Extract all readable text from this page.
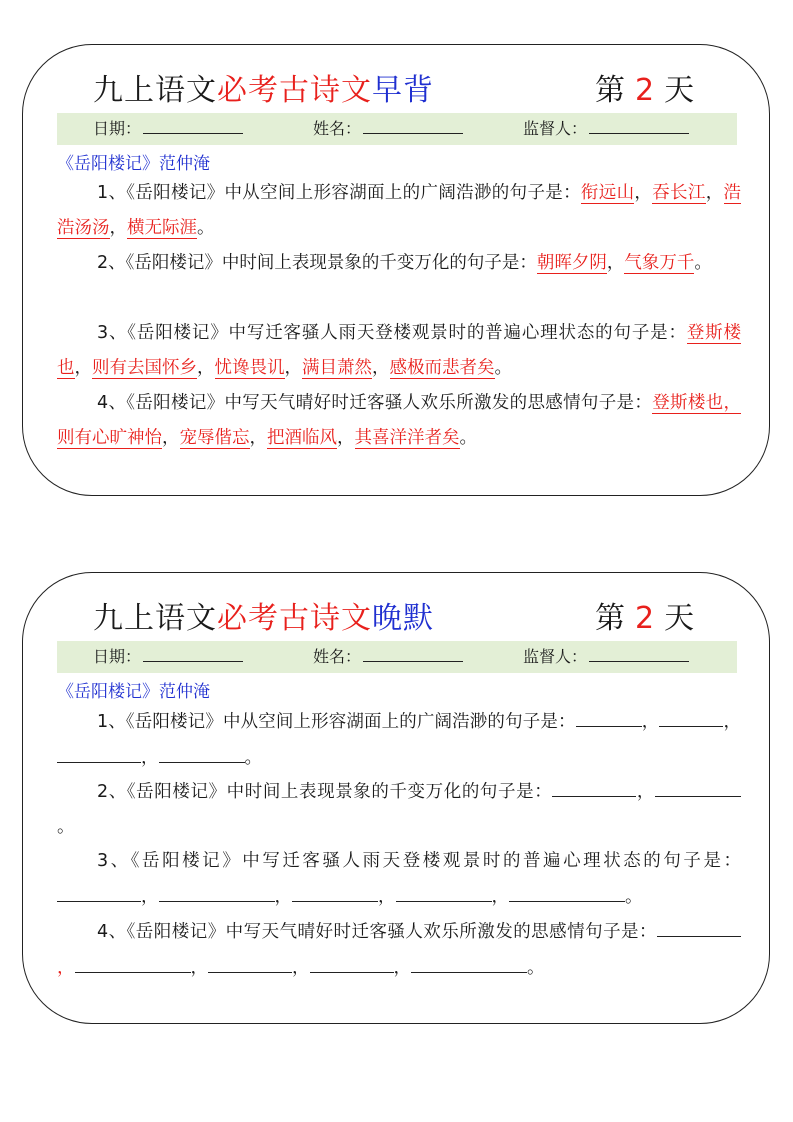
九上语文必考古诗文早背	第 2 天
日期：	姓名：	监督人：
《岳阳楼记》范仲淹
1、《岳阳楼记》中从空间上形容湖面上的广阔浩渺的句子是：衔远山，吞长江，浩浩汤汤，横无际涯。
2、《岳阳楼记》中时间上表现景象的千变万化的句子是：朝晖夕阴，气象万千。
3、《岳阳楼记》中写迁客骚人雨天登楼观景时的普遍心理状态的句子是：登斯楼也，则有去国怀乡，忧谗畏讥，满目萧然，感极而悲者矣。
4、《岳阳楼记》中写天气晴好时迁客骚人欢乐所激发的思感情句子是：登斯楼也，则有心旷神怡，宠辱偕忘，把酒临风，其喜洋洋者矣。
九上语文必考古诗文晚默	第 2 天
日期：	姓名：	监督人：
《岳阳楼记》范仲淹
1、《岳阳楼记》中从空间上形容湖面上的广阔浩渺的句子是：	，	，，	。
2、《岳阳楼记》中时间上表现景象的千变万化的句子是：	，。
3、《岳阳楼记》中写迁客骚人雨天登楼观景时的普遍心理状态的句子是：，	，	，	，	。
4、《岳阳楼记》中写天气晴好时迁客骚人欢乐所激发的思感情句子是：，	，	，	，	。
